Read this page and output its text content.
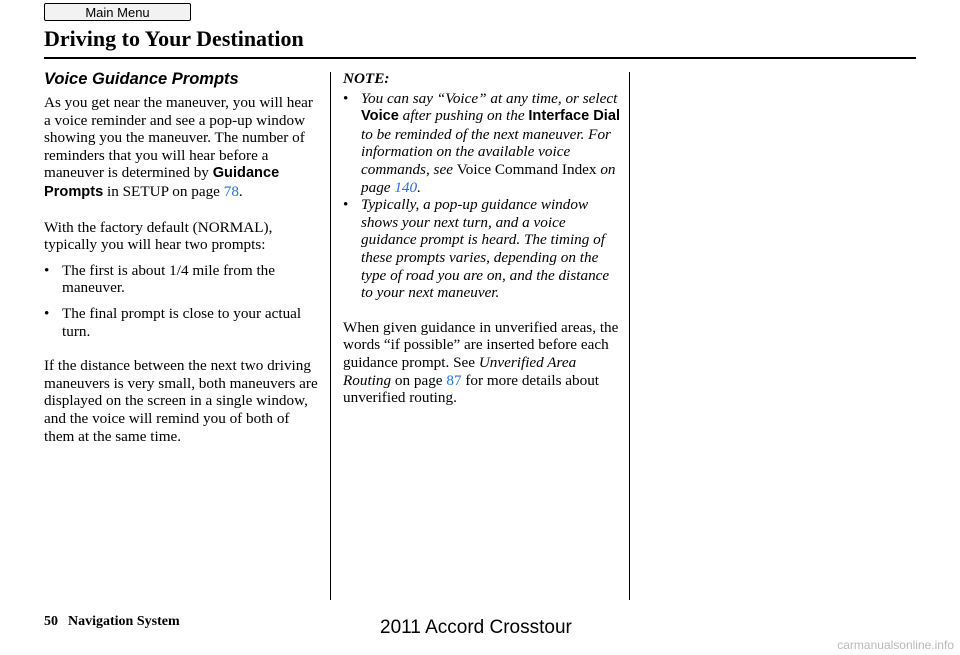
Main Menu
Driving to Your Destination
Voice Guidance Prompts

As you get near the maneuver, you will hear a voice reminder and see a pop-up window showing you the maneuver. The number of reminders that you will hear before a maneuver is determined by Guidance Prompts in SETUP on page 78.

With the factory default (NORMAL), typically you will hear two prompts:

• The first is about 1/4 mile from the maneuver.
• The final prompt is close to your actual turn.

If the distance between the next two driving maneuvers is very small, both maneuvers are displayed on the screen in a single window, and the voice will remind you of both of them at the same time.

NOTE:
• You can say “Voice” at any time, or select Voice after pushing on the Interface Dial to be reminded of the next maneuver. For information on the available voice commands, see Voice Command Index on page 140.
• Typically, a pop-up guidance window shows your next turn, and a voice guidance prompt is heard. The timing of these prompts varies, depending on the type of road you are on, and the distance to your next maneuver.

When given guidance in unverified areas, the words “if possible” are inserted before each guidance prompt. See Unverified Area Routing on page 87 for more details about unverified routing.

50 Navigation System	2011 Accord Crosstour
carmanualsonline.info
